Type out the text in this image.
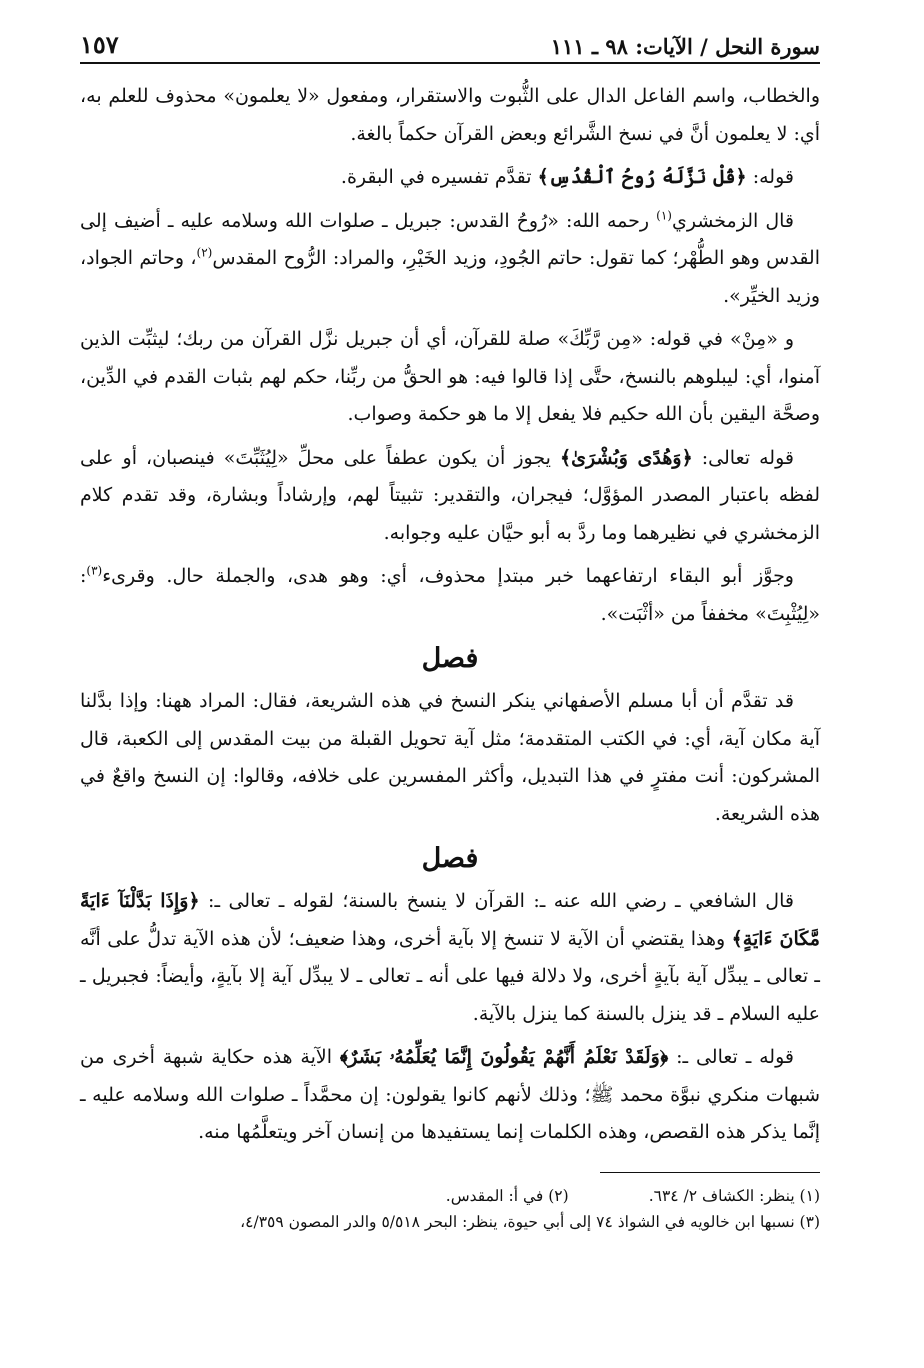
سورة النحل / الآيات: ٩٨ ـ ١١١
١٥٧

والخطاب، واسم الفاعل الدال على الثُّبوت والاستقرار، ومفعول «لا يعلمون» محذوف للعلم به، أي: لا يعلمون أنَّ في نسخ الشَّرائع وبعض القرآن حكماً بالغة.

قوله: ﴿قُلْ نَزَّلَهُ رُوحُ ٱلْقُدُسِ﴾ تقدَّم تفسيره في البقرة.

قال الزمخشري$^{(١)}$ رحمه الله: «رُوحُ القدس: جبريل ـ صلوات الله وسلامه عليه ـ أضيف إلى القدس وهو الطُّهْر؛ كما تقول: حاتم الجُودِ، وزيد الخَيْرِ، والمراد: الرُّوح المقدس$^{(٢)}$، وحاتم الجواد، وزيد الخيِّر».

و «مِنْ» في قوله: «مِن رَّبِّكَ» صلة للقرآن، أي أن جبريل نزَّل القرآن من ربك؛ ليثبِّت الذين آمنوا، أي: ليبلوهم بالنسخ، حتَّى إذا قالوا فيه: هو الحقُّ من ربِّنا، حكم لهم بثبات القدم في الدِّين، وصحَّة اليقين بأن الله حكيم فلا يفعل إلا ما هو حكمة وصواب.

قوله تعالى: ﴿وَهُدًى وَبُشْرَىٰ﴾ يجوز أن يكون عطفاً على محلِّ «لِيُثَبِّتَ» فينصبان، أو على لفظه باعتبار المصدر المؤوَّل؛ فيجران، والتقدير: تثبيتاً لهم، وإرشاداً وبشارة، وقد تقدم كلام الزمخشري في نظيرهما وما ردَّ به أبو حيَّان عليه وجوابه.

وجوَّز أبو البقاء ارتفاعهما خبر مبتدإ محذوف، أي: وهو هدى، والجملة حال. وقرىء$^{(٣)}$: «لِيُثْبِتَ» مخففاً من «أثْبَت».

فصل

قد تقدَّم أن أبا مسلم الأصفهاني ينكر النسخ في هذه الشريعة، فقال: المراد ههنا: وإذا بدَّلنا آية مكان آية، أي: في الكتب المتقدمة؛ مثل آية تحويل القبلة من بيت المقدس إلى الكعبة، قال المشركون: أنت مفترٍ في هذا التبديل، وأكثر المفسرين على خلافه، وقالوا: إن النسخ واقعٌ في هذه الشريعة.

فصل

قال الشافعي ـ رضي الله عنه ـ: القرآن لا ينسخ بالسنة؛ لقوله ـ تعالى ـ: ﴿وَإِذَا بَدَّلْنَآ ءَايَةً مَّكَانَ ءَايَةٍ﴾ وهذا يقتضي أن الآية لا تنسخ إلا بآية أخرى، وهذا ضعيف؛ لأن هذه الآية تدلُّ على أنَّه ـ تعالى ـ يبدِّل آية بآيةٍ أخرى، ولا دلالة فيها على أنه ـ تعالى ـ لا يبدِّل آية إلا بآيةٍ، وأيضاً: فجبريل ـ عليه السلام ـ قد ينزل بالسنة كما ينزل بالآية.

قوله ـ تعالى ـ: ﴿وَلَقَدْ نَعْلَمُ أَنَّهُمْ يَقُولُونَ إِنَّمَا يُعَلِّمُهُۥ بَشَرٌ﴾ الآية هذه حكاية شبهة أخرى من شبهات منكري نبوَّة محمد ﷺ؛ وذلك لأنهم كانوا يقولون: إن محمَّداً ـ صلوات الله وسلامه عليه ـ إنَّما يذكر هذه القصص، وهذه الكلمات إنما يستفيدها من إنسان آخر ويتعلَّمُها منه.

(١) ينظر: الكشاف ٢/ ٦٣٤.
(٢) في أ: المقدس.
(٣) نسبها ابن خالويه في الشواذ ٧٤ إلى أبي حيوة، ينظر: البحر ٥/٥١٨ والدر المصون ٤/٣٥٩،
